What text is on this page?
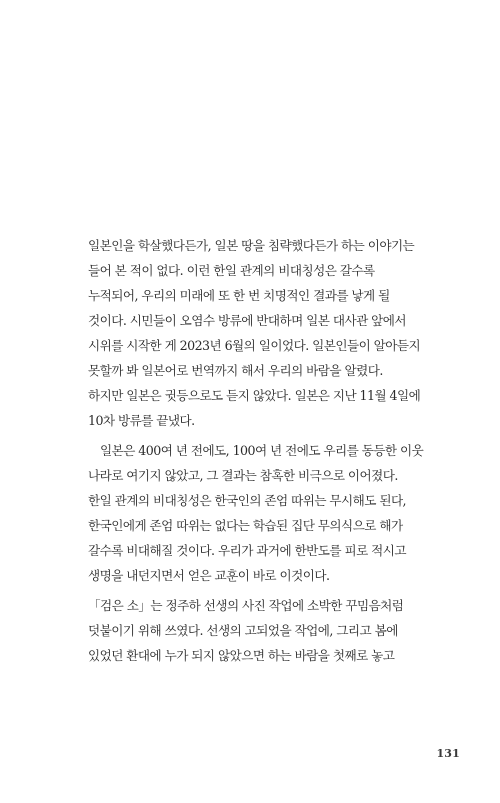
일본인을 학살했다든가, 일본 땅을 침략했다든가 하는 이야기는
들어 본 적이 없다. 이런 한일 관계의 비대칭성은 갈수록
누적되어, 우리의 미래에 또 한 번 치명적인 결과를 낳게 될
것이다. 시민들이 오염수 방류에 반대하며 일본 대사관 앞에서
시위를 시작한 게 2023년 6월의 일이었다. 일본인들이 알아듣지
못할까 봐 일본어로 번역까지 해서 우리의 바람을 알렸다.
하지만 일본은 귓등으로도 듣지 않았다. 일본은 지난 11월 4일에
10차 방류를 끝냈다.
일본은 400여 년 전에도, 100여 년 전에도 우리를 동등한 이웃
나라로 여기지 않았고, 그 결과는 참혹한 비극으로 이어졌다.
한일 관계의 비대칭성은 한국인의 존엄 따위는 무시해도 된다,
한국인에게 존엄 따위는 없다는 학습된 집단 무의식으로 해가
갈수록 비대해질 것이다. 우리가 과거에 한반도를 피로 적시고
생명을 내던지면서 얻은 교훈이 바로 이것이다.
「검은 소」는 정주하 선생의 사진 작업에 소박한 꾸밈음처럼
덧붙이기 위해 쓰였다. 선생의 고되었을 작업에, 그리고 봄에
있었던 환대에 누가 되지 않았으면 하는 바람을 첫째로 놓고
131
